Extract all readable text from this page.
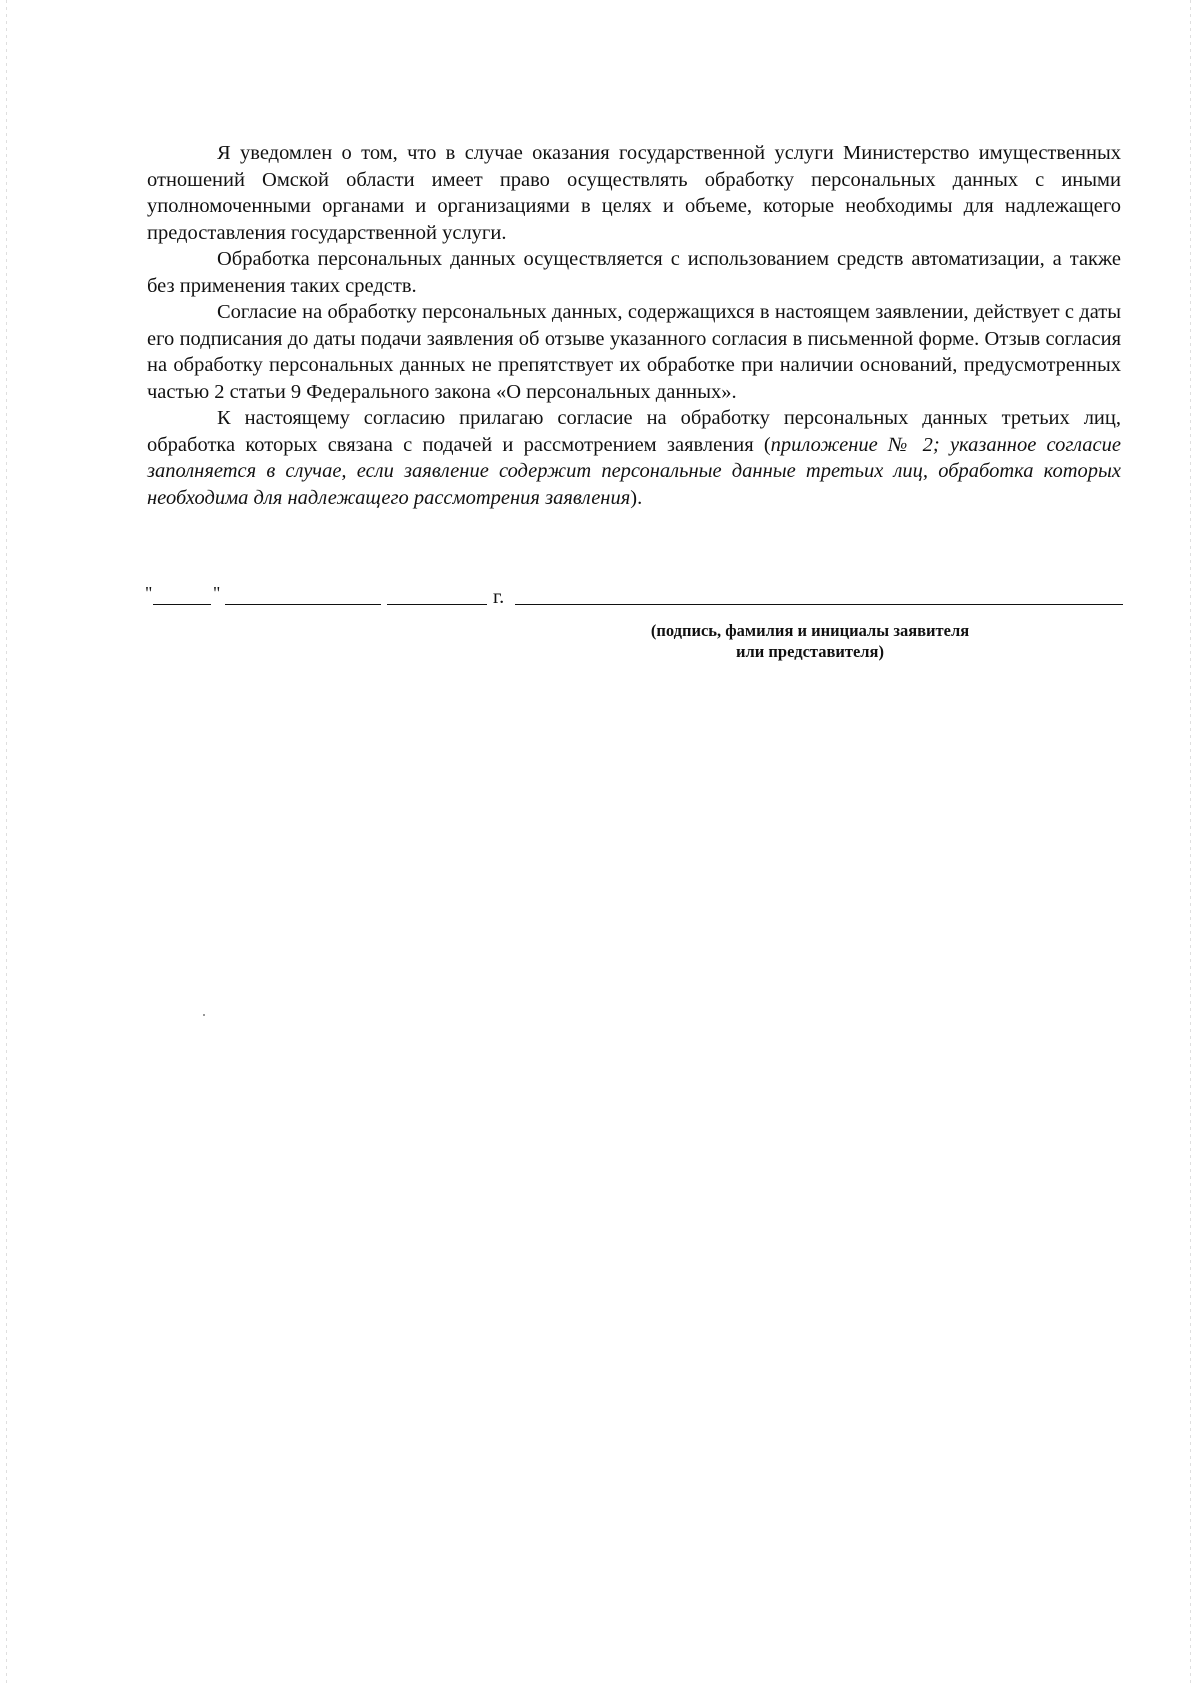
Я уведомлен о том, что в случае оказания государственной услуги Министерство имущественных отношений Омской области имеет право осуществлять обработку персональных данных с иными уполномоченными органами и организациями в целях и объеме, которые необходимы для надлежащего предоставления государственной услуги.

Обработка персональных данных осуществляется с использованием средств автоматизации, а также без применения таких средств.

Согласие на обработку персональных данных, содержащихся в настоящем заявлении, действует с даты его подписания до даты подачи заявления об отзыве указанного согласия в письменной форме. Отзыв согласия на обработку персональных данных не препятствует их обработке при наличии оснований, предусмотренных частью 2 статьи 9 Федерального закона «О персональных данных».

К настоящему согласию прилагаю согласие на обработку персональных данных третьих лиц, обработка которых связана с подачей и рассмотрением заявления (приложение № 2; указанное согласие заполняется в случае, если заявление содержит персональные данные третьих лиц, обработка которых необходима для надлежащего рассмотрения заявления).

"	"	г.
(подпись, фамилия и инициалы заявителя
или представителя)
